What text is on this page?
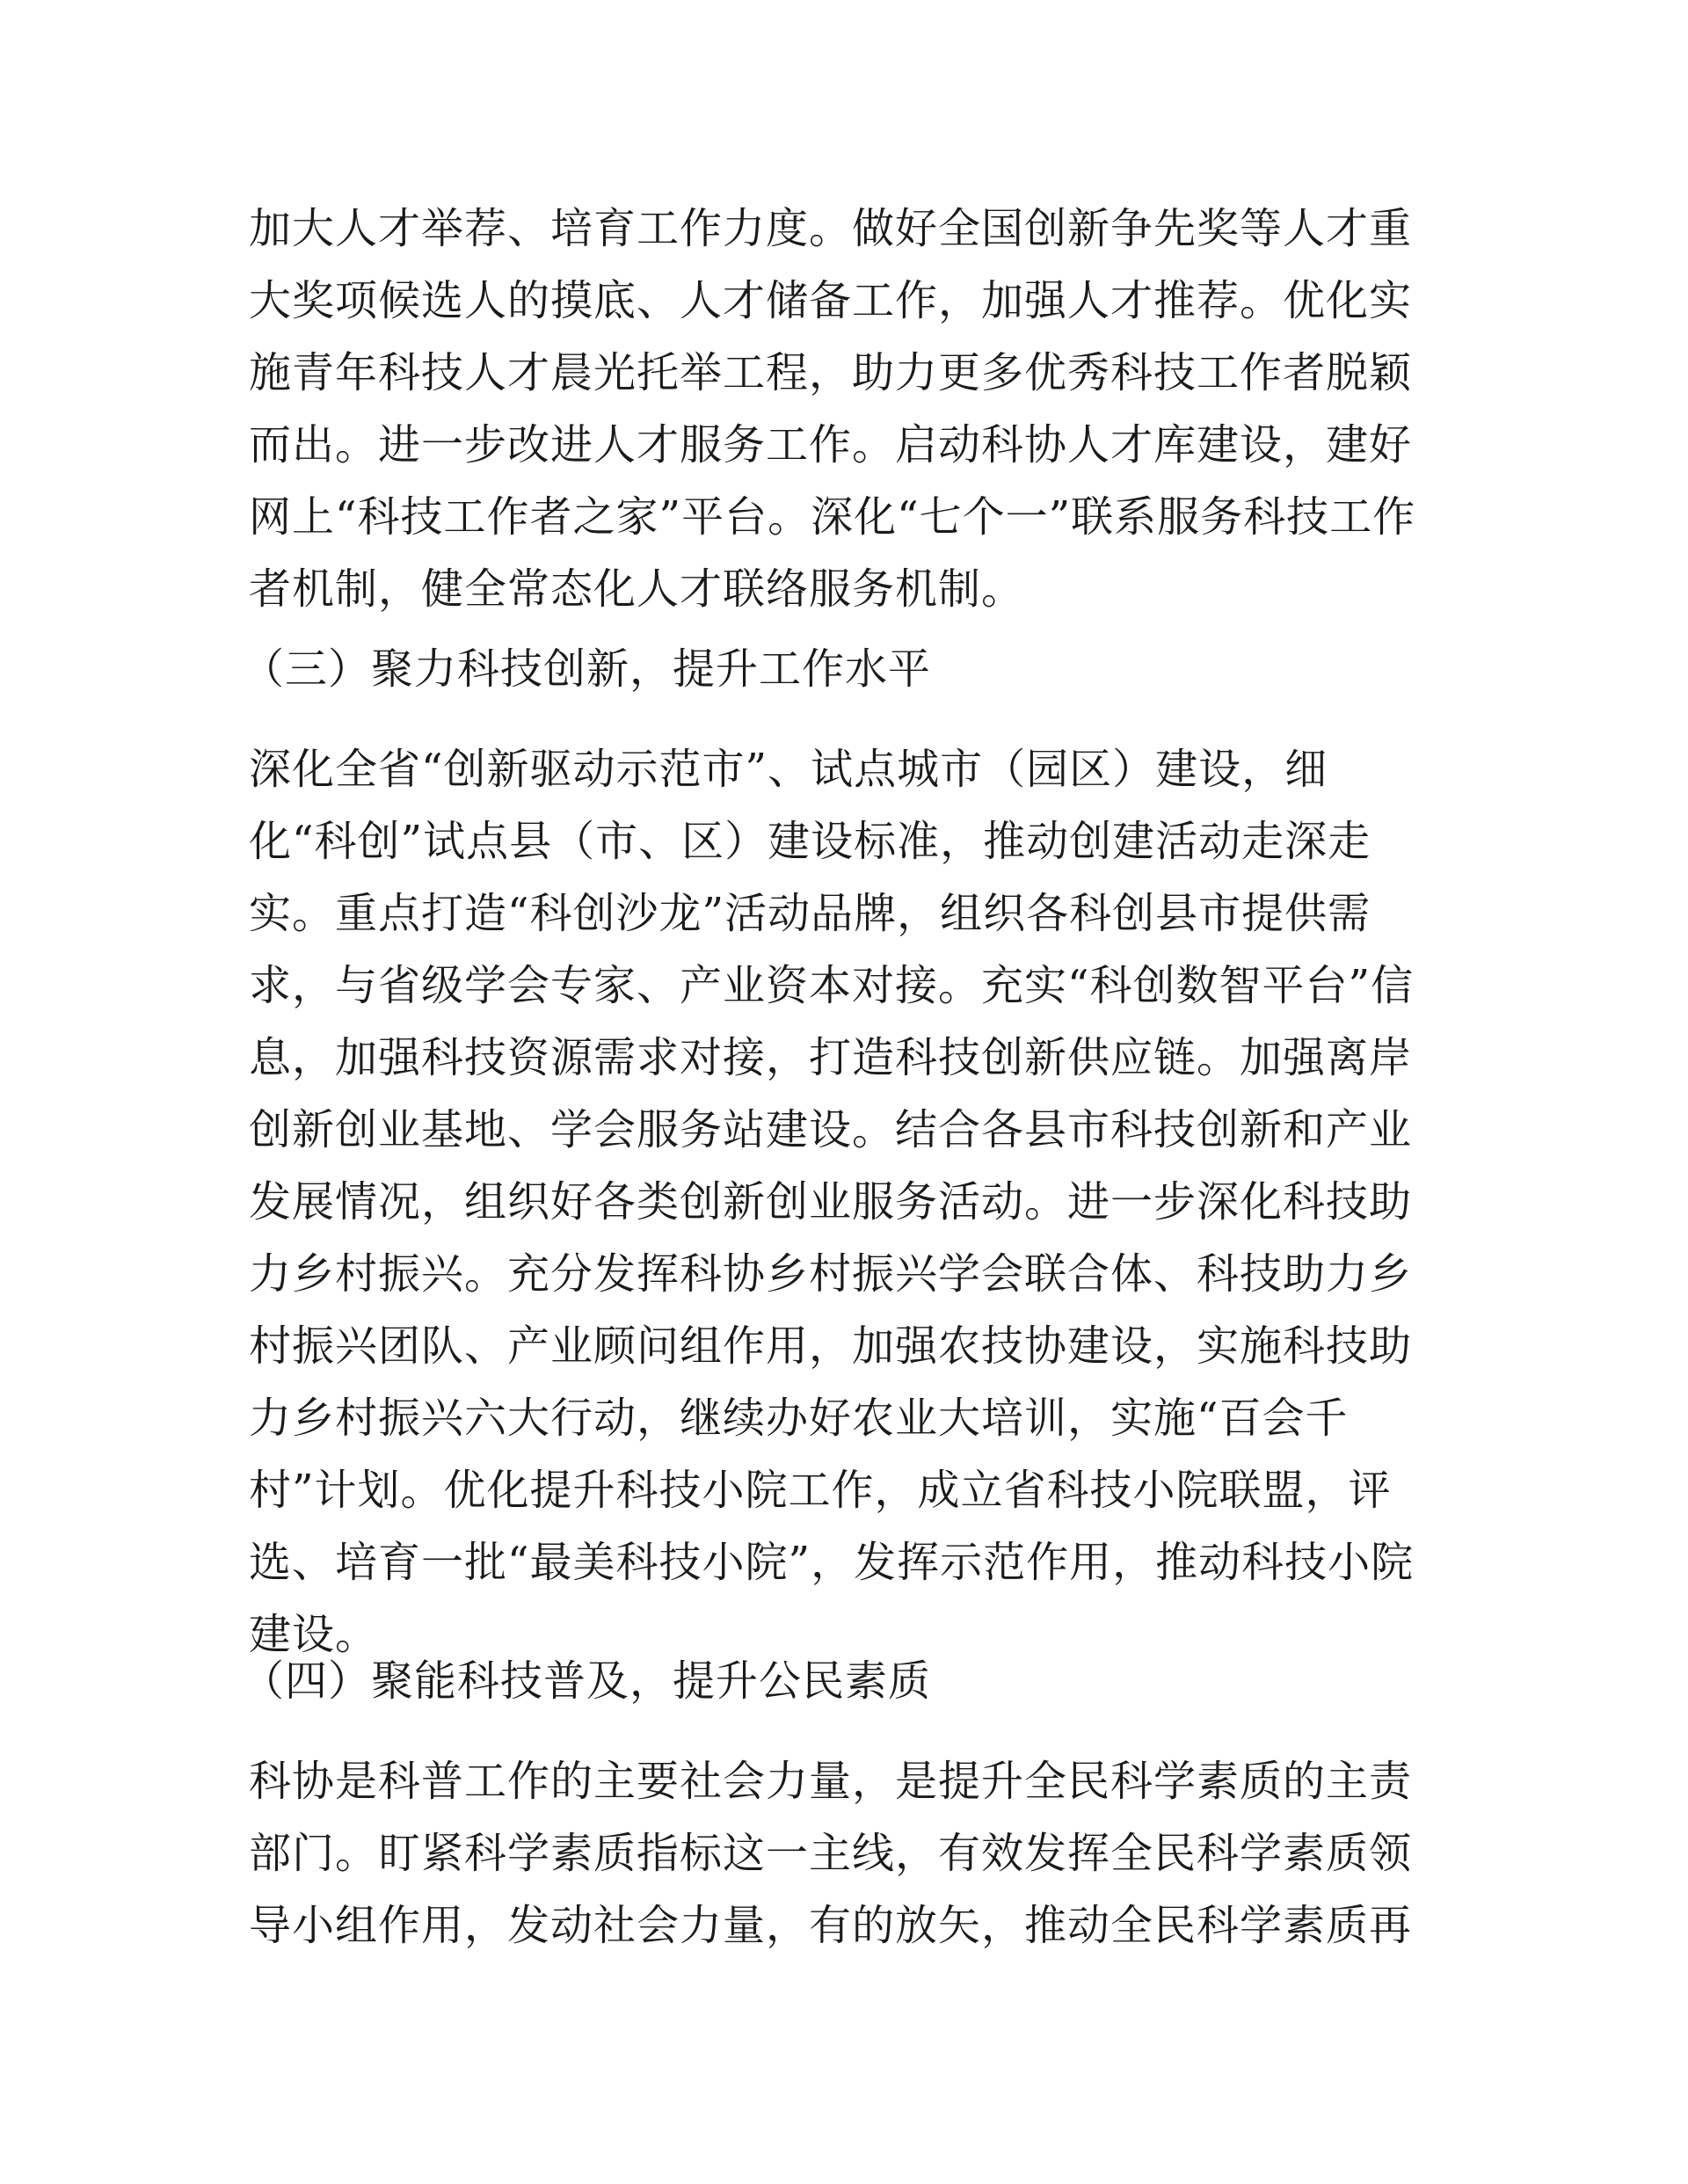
加大人才举荐、培育工作力度。做好全国创新争先奖等人才重
大奖项候选人的摸底、人才储备工作，加强人才推荐。优化实
施青年科技人才晨光托举工程，助力更多优秀科技工作者脱颖
而出。进一步改进人才服务工作。启动科协人才库建设，建好
网上“科技工作者之家”平台。深化“七个一”联系服务科技工作
者机制，健全常态化人才联络服务机制。
（三）聚力科技创新，提升工作水平
深化全省“创新驱动示范市”、试点城市（园区）建设，细
化“科创”试点县（市、区）建设标准，推动创建活动走深走
实。重点打造“科创沙龙”活动品牌，组织各科创县市提供需
求，与省级学会专家、产业资本对接。充实“科创数智平台”信
息，加强科技资源需求对接，打造科技创新供应链。加强离岸
创新创业基地、学会服务站建设。结合各县市科技创新和产业
发展情况，组织好各类创新创业服务活动。进一步深化科技助
力乡村振兴。充分发挥科协乡村振兴学会联合体、科技助力乡
村振兴团队、产业顾问组作用，加强农技协建设，实施科技助
力乡村振兴六大行动，继续办好农业大培训，实施“百会千
村”计划。优化提升科技小院工作，成立省科技小院联盟，评
选、培育一批“最美科技小院”，发挥示范作用，推动科技小院
建设。
（四）聚能科技普及，提升公民素质
科协是科普工作的主要社会力量，是提升全民科学素质的主责
部门。盯紧科学素质指标这一主线，有效发挥全民科学素质领
导小组作用，发动社会力量，有的放矢，推动全民科学素质再
